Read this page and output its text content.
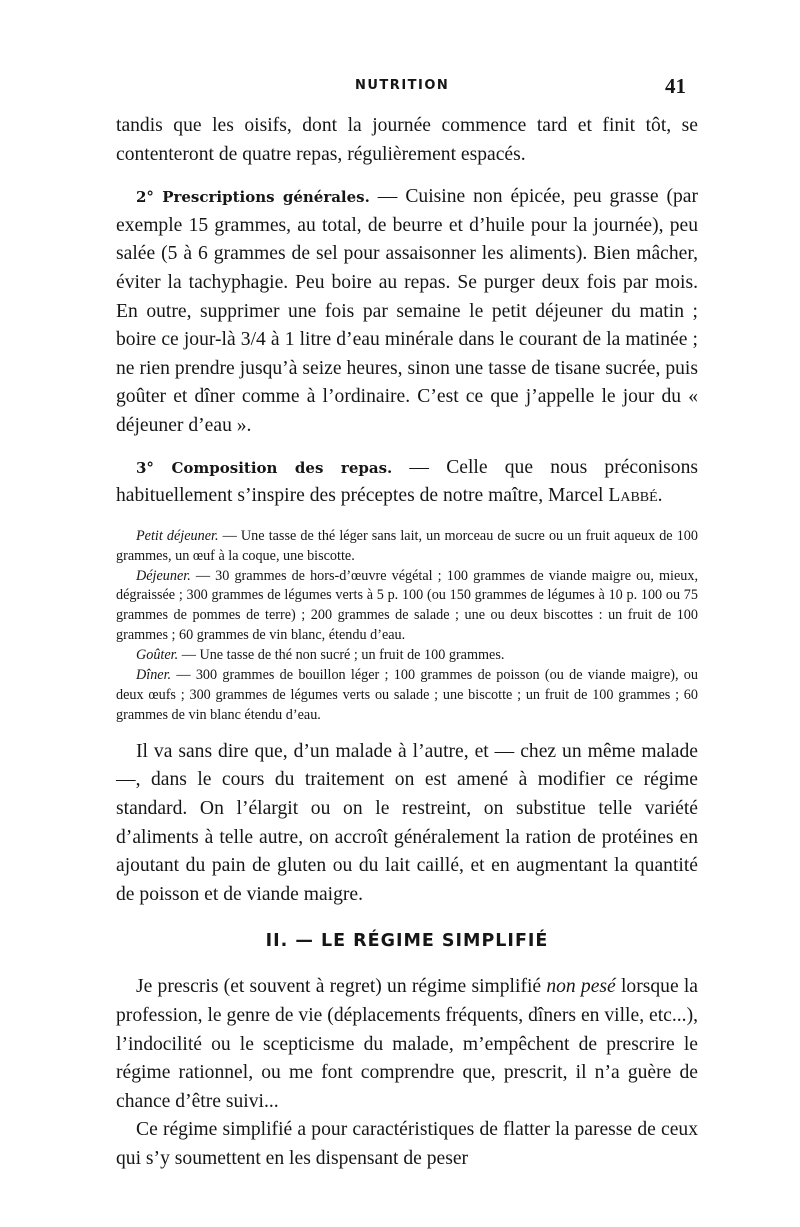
NUTRITION	41

tandis que les oisifs, dont la journée commence tard et finit tôt, se contenteront de quatre repas, régulièrement espacés.

2° Prescriptions générales. — Cuisine non épicée, peu grasse (par exemple 15 grammes, au total, de beurre et d’huile pour la journée), peu salée (5 à 6 grammes de sel pour assaisonner les aliments). Bien mâcher, éviter la tachyphagie. Peu boire au repas. Se purger deux fois par mois. En outre, supprimer une fois par semaine le petit déjeuner du matin ; boire ce jour-là 3/4 à 1 litre d’eau minérale dans le courant de la matinée ; ne rien prendre jusqu’à seize heures, sinon une tasse de tisane sucrée, puis goûter et dîner comme à l’ordinaire. C’est ce que j’appelle le jour du « déjeuner d’eau ».

3° Composition des repas. — Celle que nous préconisons habituellement s’inspire des préceptes de notre maître, Marcel Labbé.

Petit déjeuner. — Une tasse de thé léger sans lait, un morceau de sucre ou un fruit aqueux de 100 grammes, un œuf à la coque, une biscotte.

Déjeuner. — 30 grammes de hors-d’œuvre végétal ; 100 grammes de viande maigre ou, mieux, dégraissée ; 300 grammes de légumes verts à 5 p. 100 (ou 150 grammes de légumes à 10 p. 100 ou 75 grammes de pommes de terre) ; 200 grammes de salade ; une ou deux biscottes : un fruit de 100 grammes ; 60 grammes de vin blanc, étendu d’eau.

Goûter. — Une tasse de thé non sucré ; un fruit de 100 grammes.

Dîner. — 300 grammes de bouillon léger ; 100 grammes de poisson (ou de viande maigre), ou deux œufs ; 300 grammes de légumes verts ou salade ; une biscotte ; un fruit de 100 grammes ; 60 grammes de vin blanc étendu d’eau.

Il va sans dire que, d’un malade à l’autre, et — chez un même malade —, dans le cours du traitement on est amené à modifier ce régime standard. On l’élargit ou on le restreint, on substitue telle variété d’aliments à telle autre, on accroît généralement la ration de protéines en ajoutant du pain de gluten ou du lait caillé, et en augmentant la quantité de poisson et de viande maigre.

II. — LE RÉGIME SIMPLIFIÉ

Je prescris (et souvent à regret) un régime simplifié non pesé lorsque la profession, le genre de vie (déplacements fréquents, dîners en ville, etc...), l’indocilité ou le scepticisme du malade, m’empêchent de prescrire le régime rationnel, ou me font comprendre que, prescrit, il n’a guère de chance d’être suivi...

Ce régime simplifié a pour caractéristiques de flatter la paresse de ceux qui s’y soumettent en les dispensant de peser
